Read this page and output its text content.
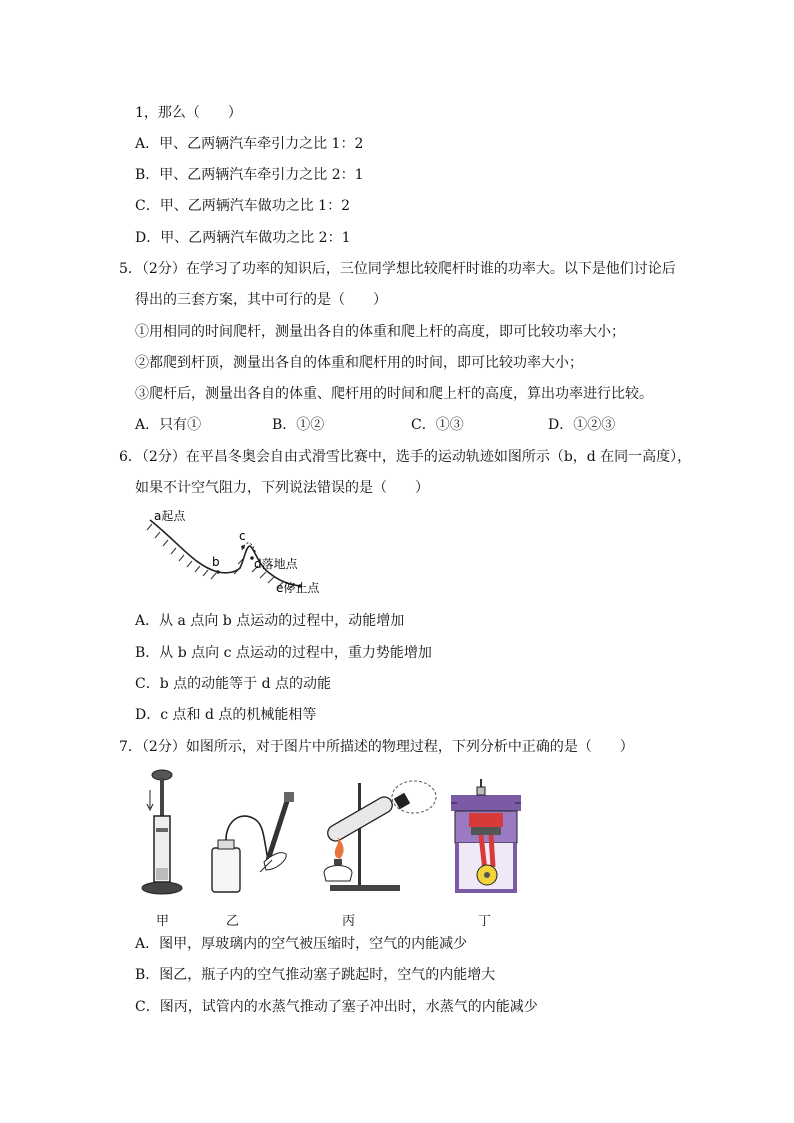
1，那么（　　）
A．甲、乙两辆汽车牵引力之比 1：2
B．甲、乙两辆汽车牵引力之比 2：1
C．甲、乙两辆汽车做功之比 1：2
D．甲、乙两辆汽车做功之比 2：1
5．（2分）在学习了功率的知识后，三位同学想比较爬杆时谁的功率大。以下是他们讨论后
得出的三套方案，其中可行的是（　　）
①用相同的时间爬杆，测量出各自的体重和爬上杆的高度，即可比较功率大小；
②都爬到杆顶，测量出各自的体重和爬杆用的时间，即可比较功率大小；
③爬杆后，测量出各自的体重、爬杆用的时间和爬上杆的高度，算出功率进行比较。
A．只有①	B．①②	C．①③	D．①②③
6．（2分）在平昌冬奥会自由式滑雪比赛中，选手的运动轨迹如图所示（b，d 在同一高度），
如果不计空气阻力，下列说法错误的是（　　）
a起点
b
c
d落地点
e停止点
A．从 a 点向 b 点运动的过程中，动能增加
B．从 b 点向 c 点运动的过程中，重力势能增加
C．b 点的动能等于 d 点的动能
D．c 点和 d 点的机械能相等
7．（2分）如图所示，对于图片中所描述的物理过程，下列分析中正确的是（　　）
甲	乙	丙	丁
A．图甲，厚玻璃内的空气被压缩时，空气的内能减少
B．图乙，瓶子内的空气推动塞子跳起时，空气的内能增大
C．图丙，试管内的水蒸气推动了塞子冲出时，水蒸气的内能减少
